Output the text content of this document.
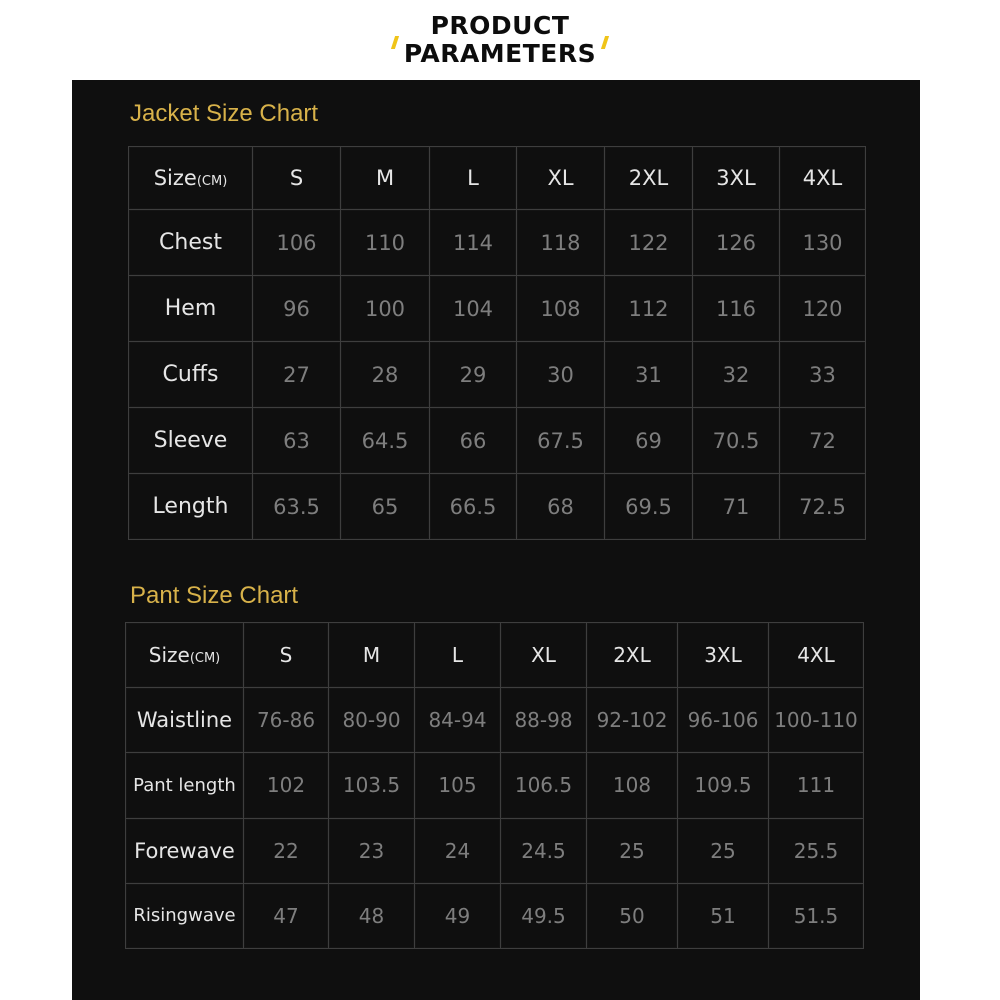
PRODUCT
PARAMETERS
Jacket Size Chart
Size(CM)	S	M	L	XL	2XL	3XL	4XL
Chest	106	110	114	118	122	126	130
Hem	96	100	104	108	112	116	120
Cuffs	27	28	29	30	31	32	33
Sleeve	63	64.5	66	67.5	69	70.5	72
Length	63.5	65	66.5	68	69.5	71	72.5
Pant Size Chart
Size(CM)	S	M	L	XL	2XL	3XL	4XL
Waistline	76-86	80-90	84-94	88-98	92-102	96-106	100-110
Pant length	102	103.5	105	106.5	108	109.5	111
Forewave	22	23	24	24.5	25	25	25.5
Risingwave	47	48	49	49.5	50	51	51.5
